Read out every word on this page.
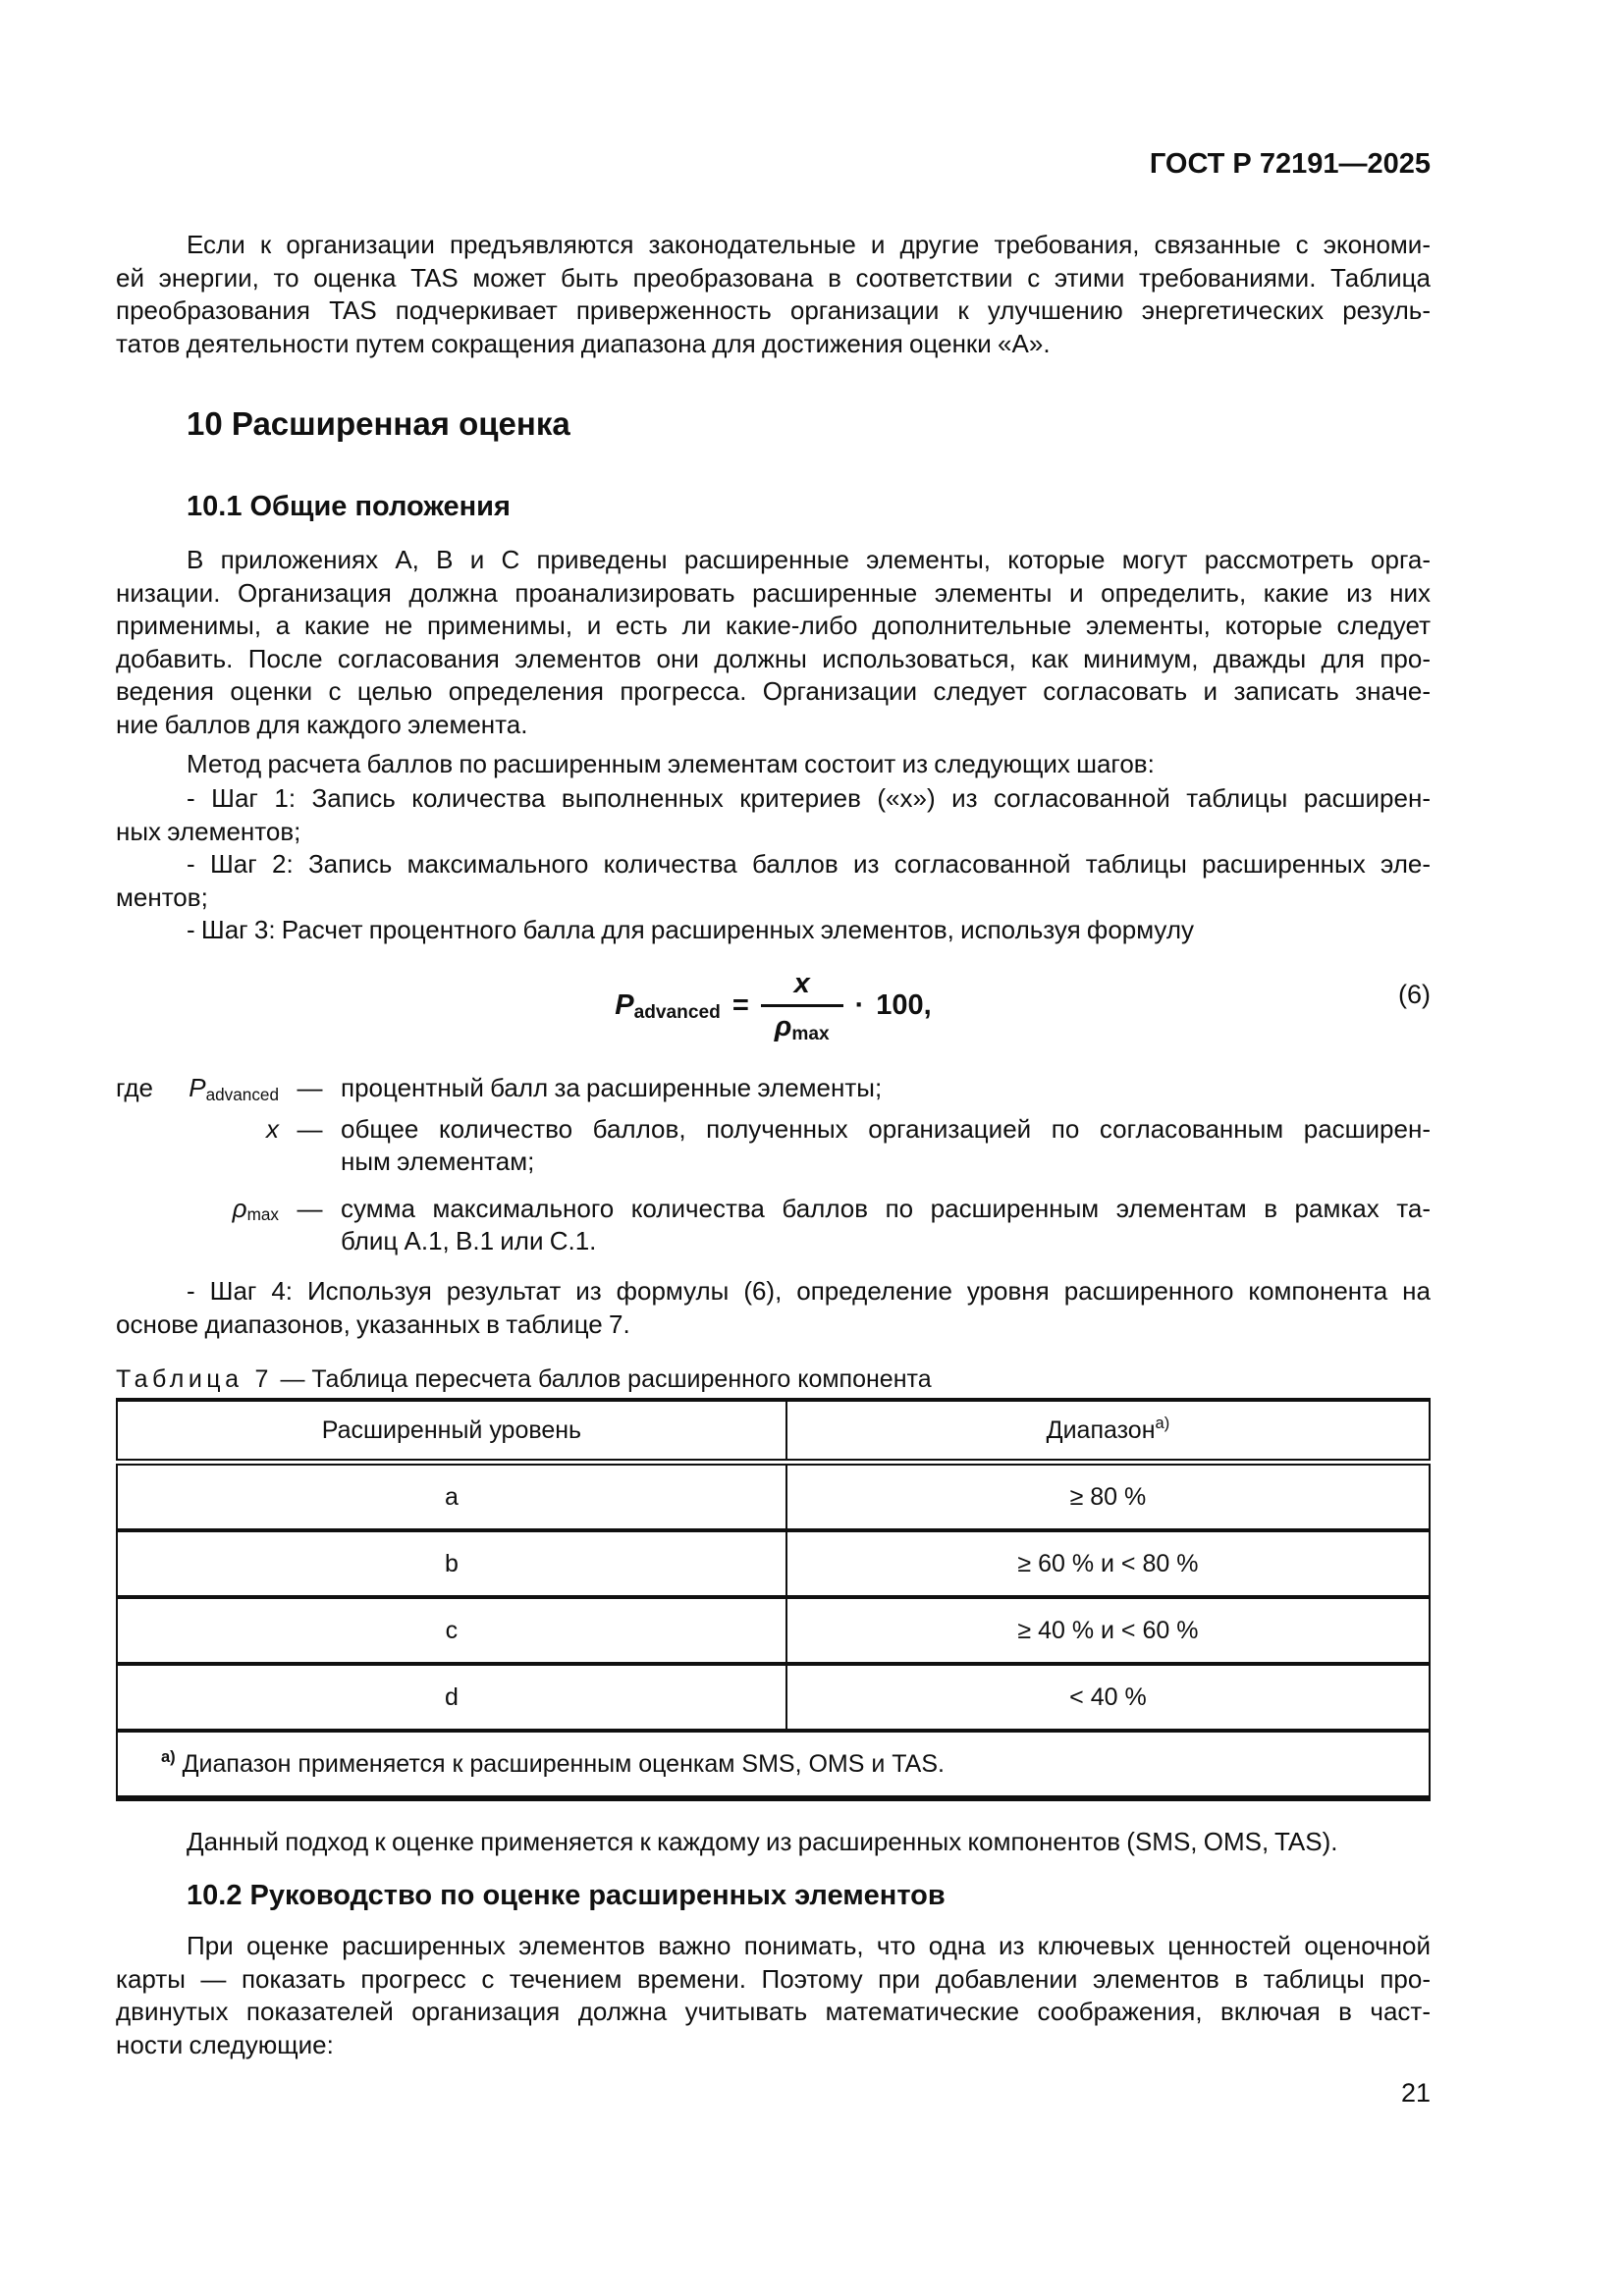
ГОСТ Р 72191—2025
Если к организации предъявляются законодательные и другие требования, связанные с экономи-
ей энергии, то оценка TAS может быть преобразована в соответствии с этими требованиями. Таблица
преобразования TAS подчеркивает приверженность организации к улучшению энергетических резуль-
татов деятельности путем сокращения диапазона для достижения оценки «А».
10 Расширенная оценка
10.1 Общие положения
В приложениях А, В и С приведены расширенные элементы, которые могут рассмотреть орга-
низации. Организация должна проанализировать расширенные элементы и определить, какие из них
применимы, а какие не применимы, и есть ли какие-либо дополнительные элементы, которые следует
добавить. После согласования элементов они должны использоваться, как минимум, дважды для про-
ведения оценки с целью определения прогресса. Организации следует согласовать и записать значе-
ние баллов для каждого элемента.
Метод расчета баллов по расширенным элементам состоит из следующих шагов:
- Шаг 1: Запись количества выполненных критериев («х») из согласованной таблицы расширен-
ных элементов;
- Шаг 2: Запись максимального количества баллов из согласованной таблицы расширенных эле-
ментов;
- Шаг 3: Расчет процентного балла для расширенных элементов, используя формулу
$P_{advanced} = \frac{x}{\rho_{max}} \cdot 100$,	(6)
где	$P_{advanced}$ — процентный балл за расширенные элементы;
x — общее количество баллов, полученных организацией по согласованным расширен-
ным элементам;
$\rho_{max}$ — сумма максимального количества баллов по расширенным элементам в рамках та-
блиц А.1, В.1 или С.1.
- Шаг 4: Используя результат из формулы (6), определение уровня расширенного компонента на
основе диапазонов, указанных в таблице 7.
Таблица 7 — Таблица пересчета баллов расширенного компонента
Расширенный уровень	Диапазон$^{а)}$
a	≥ 80 %
b	≥ 60 % и < 80 %
c	≥ 40 % и < 60 %
d	< 40 %
$^{а)}$ Диапазон применяется к расширенным оценкам SMS, OMS и TAS.	
Данный подход к оценке применяется к каждому из расширенных компонентов (SMS, OMS, TAS).
10.2 Руководство по оценке расширенных элементов
При оценке расширенных элементов важно понимать, что одна из ключевых ценностей оценочной
карты — показать прогресс с течением времени. Поэтому при добавлении элементов в таблицы про-
двинутых показателей организация должна учитывать математические соображения, включая в част-
ности следующие:
21
